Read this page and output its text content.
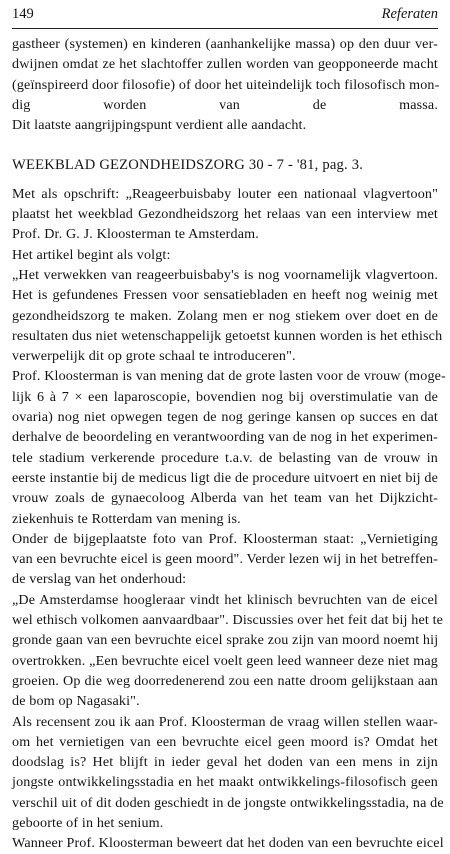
149	Referaten

gastheer (systemen) en kinderen (aanhankelijke massa) op den duur ver-
dwijnen omdat ze het slachtoffer zullen worden van geopponeerde macht
(geïnspireerd door filosofie) of door het uiteindelijk toch filosofisch mon-
dig worden van de massa.
Dit laatste aangrijpingspunt verdient alle aandacht.

WEEKBLAD GEZONDHEIDSZORG 30 - 7 - '81, pag. 3.

Met als opschrift: „Reageerbuisbaby louter een nationaal vlagvertoon"
plaatst het weekblad Gezondheidszorg het relaas van een interview met
Prof. Dr. G. J. Kloosterman te Amsterdam.

Het artikel begint als volgt:

„Het verwekken van reageerbuisbaby's is nog voornamelijk vlagvertoon.
Het is gefundenes Fressen voor sensatiebladen en heeft nog weinig met
gezondheidszorg te maken. Zolang men er nog stiekem over doet en de
resultaten dus niet wetenschappelijk getoetst kunnen worden is het ethisch
verwerpelijk dit op grote schaal te introduceren".

Prof. Kloosterman is van mening dat de grote lasten voor de vrouw (moge-
lijk 6 à 7 × een laparoscopie, bovendien nog bij overstimulatie van de
ovaria) nog niet opwegen tegen de nog geringe kansen op succes en dat
derhalve de beoordeling en verantwoording van de nog in het experimen-
tele stadium verkerende procedure t.a.v. de belasting van de vrouw in
eerste instantie bij de medicus ligt die de procedure uitvoert en niet bij de
vrouw zoals de gynaecoloog Alberda van het team van het Dijkzicht-
ziekenhuis te Rotterdam van mening is.

Onder de bijgeplaatste foto van Prof. Kloosterman staat: „Vernietiging
van een bevruchte eicel is geen moord". Verder lezen wij in het betreffen-
de verslag van het onderhoud:

„De Amsterdamse hoogleraar vindt het klinisch bevruchten van de eicel
wel ethisch volkomen aanvaardbaar". Discussies over het feit dat bij het te
gronde gaan van een bevruchte eicel sprake zou zijn van moord noemt hij
overtrokken. „Een bevruchte eicel voelt geen leed wanneer deze niet mag
groeien. Op die weg doorredenerend zou een natte droom gelijkstaan aan
de bom op Nagasaki".

Als recensent zou ik aan Prof. Kloosterman de vraag willen stellen waar-
om het vernietigen van een bevruchte eicel geen moord is? Omdat het
doodslag is? Het blijft in ieder geval het doden van een mens in zijn
jongste ontwikkelingsstadia en het maakt ontwikkelings-filosofisch geen
verschil uit of dit doden geschiedt in de jongste ontwikkelingsstadia, na de
geboorte of in het senium.

Wanneer Prof. Kloosterman beweert dat het doden van een bevruchte eicel
